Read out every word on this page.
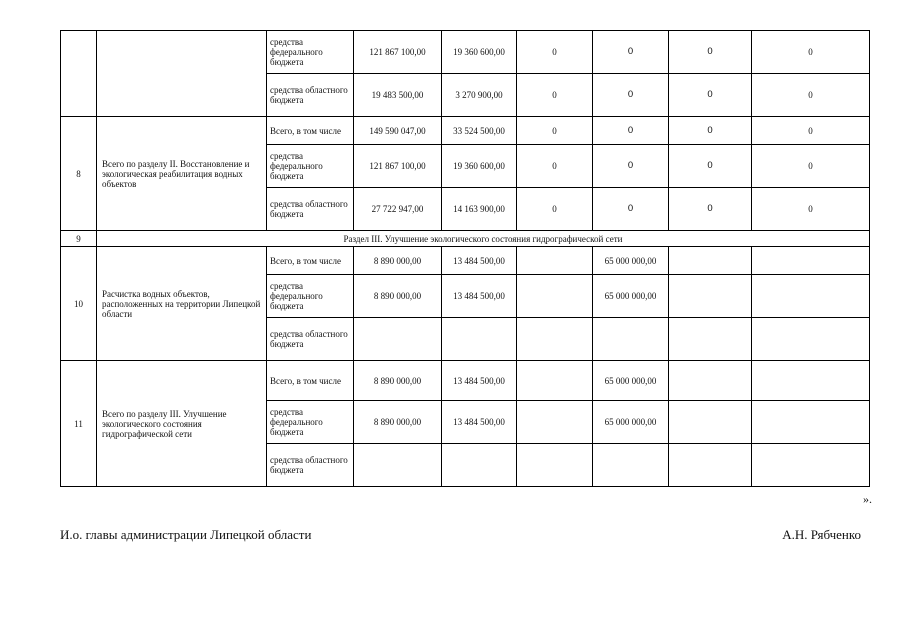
		средства федерального бюджета	121 867 100,00	19 360 600,00	0	0	0	0
		средства областного бюджета	19 483 500,00	3 270 900,00	0	0	0	0
8	Всего по разделу II. Восстановление и экологическая реабилитация водных объектов	Всего, в том числе	149 590 047,00	33 524 500,00	0	0	0	0
		средства федерального бюджета	121 867 100,00	19 360 600,00	0	0	0	0
		средства областного бюджета	27 722 947,00	14 163 900,00	0	0	0	0
9	Раздел III. Улучшение экологического состояния гидрографической сети							
10	Расчистка водных объектов, расположенных на территории Липецкой области	Всего, в том числе	8 890 000,00	13 484 500,00		65 000 000,00		
		средства федерального бюджета	8 890 000,00	13 484 500,00		65 000 000,00		
		средства областного бюджета						
11	Всего по разделу III. Улучшение экологического состояния гидрографической сети	Всего, в том числе	8 890 000,00	13 484 500,00		65 000 000,00		
		средства федерального бюджета	8 890 000,00	13 484 500,00		65 000 000,00		
		средства областного бюджета						
».
И.о. главы администрации Липецкой области	А.Н. Рябченко
